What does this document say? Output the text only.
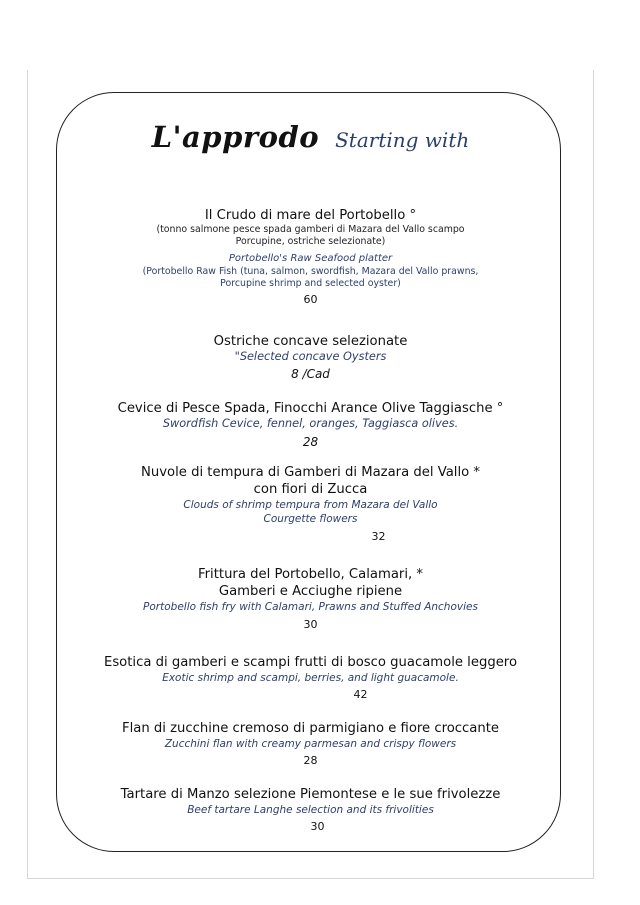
L'approdo Starting with
Il Crudo di mare del Portobello °
(tonno salmone pesce spada gamberi di Mazara del Vallo scampo
Porcupine, ostriche selezionate)
Portobello's Raw Seafood platter
(Portobello Raw Fish (tuna, salmon, swordfish, Mazara del Vallo prawns,
Porcupine shrimp and selected oyster)
60
Ostriche concave selezionate
"Selected concave Oysters
8 /Cad
Cevice di Pesce Spada, Finocchi Arance Olive Taggiasche °
Swordfish Cevice, fennel, oranges, Taggiasca olives.
28
Nuvole di tempura di Gamberi di Mazara del Vallo *
con fiori di Zucca
Clouds of shrimp tempura from Mazara del Vallo
Courgette flowers
32
Frittura del Portobello, Calamari, *
Gamberi e Acciughe ripiene
Portobello fish fry with Calamari, Prawns and Stuffed Anchovies
30
Esotica di gamberi e scampi frutti di bosco guacamole leggero
Exotic shrimp and scampi, berries, and light guacamole.
42
Flan di zucchine cremoso di parmigiano e fiore croccante
Zucchini flan with creamy parmesan and crispy flowers
28
Tartare di Manzo selezione Piemontese e le sue frivolezze
Beef tartare Langhe selection and its frivolities
30
